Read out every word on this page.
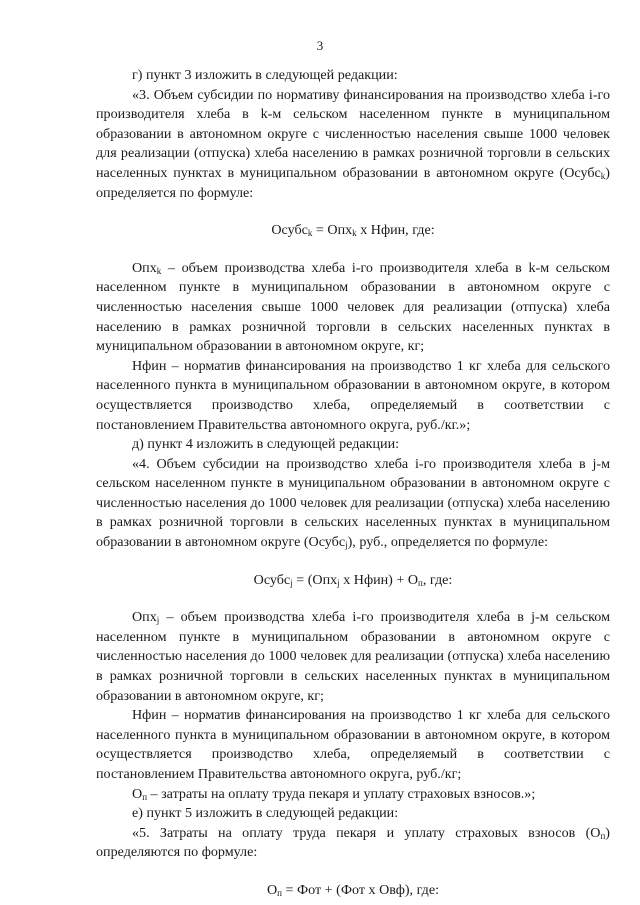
3

г) пункт 3 изложить в следующей редакции:

«3. Объем субсидии по нормативу финансирования на производство хлеба i-го производителя хлеба в k-м сельском населенном пункте в муниципальном образовании в автономном округе с численностью населения свыше 1000 человек для реализации (отпуска) хлеба населению в рамках розничной торговли в сельских населенных пунктах в муниципальном образовании в автономном округе (Осубс$_k$) определяется по формуле:

Осубс$_k$ = Опх$_k$ х Нфин, где:

Опх$_k$ – объем производства хлеба i-го производителя хлеба в k-м сельском населенном пункте в муниципальном образовании в автономном округе с численностью населения свыше 1000 человек для реализации (отпуска) хлеба населению в рамках розничной торговли в сельских населенных пунктах в муниципальном образовании в автономном округе, кг;

Нфин – норматив финансирования на производство 1 кг хлеба для сельского населенного пункта в муниципальном образовании в автономном округе, в котором осуществляется производство хлеба, определяемый в соответствии с постановлением Правительства автономного округа, руб./кг.»;

д) пункт 4 изложить в следующей редакции:

«4. Объем субсидии на производство хлеба i-го производителя хлеба в j-м сельском населенном пункте в муниципальном образовании в автономном округе с численностью населения до 1000 человек для реализации (отпуска) хлеба населению в рамках розничной торговли в сельских населенных пунктах в муниципальном образовании в автономном округе (Осубс$_j$), руб., определяется по формуле:

Осубс$_j$ = (Опх$_j$ х Нфин) + $О_п$, где:

Опх$_j$ – объем производства хлеба i-го производителя хлеба в j-м сельском населенном пункте в муниципальном образовании в автономном округе с численностью населения до 1000 человек для реализации (отпуска) хлеба населению в рамках розничной торговли в сельских населенных пунктах в муниципальном образовании в автономном округе, кг;

Нфин – норматив финансирования на производство 1 кг хлеба для сельского населенного пункта в муниципальном образовании в автономном округе, в котором осуществляется производство хлеба, определяемый в соответствии с постановлением Правительства автономного округа, руб./кг;

$О_п$ – затраты на оплату труда пекаря и уплату страховых взносов.»;

е) пункт 5 изложить в следующей редакции:

«5. Затраты на оплату труда пекаря и уплату страховых взносов $(О_п)$ определяются по формуле:

$О_п$ = Фот + (Фот х Овф), где:
